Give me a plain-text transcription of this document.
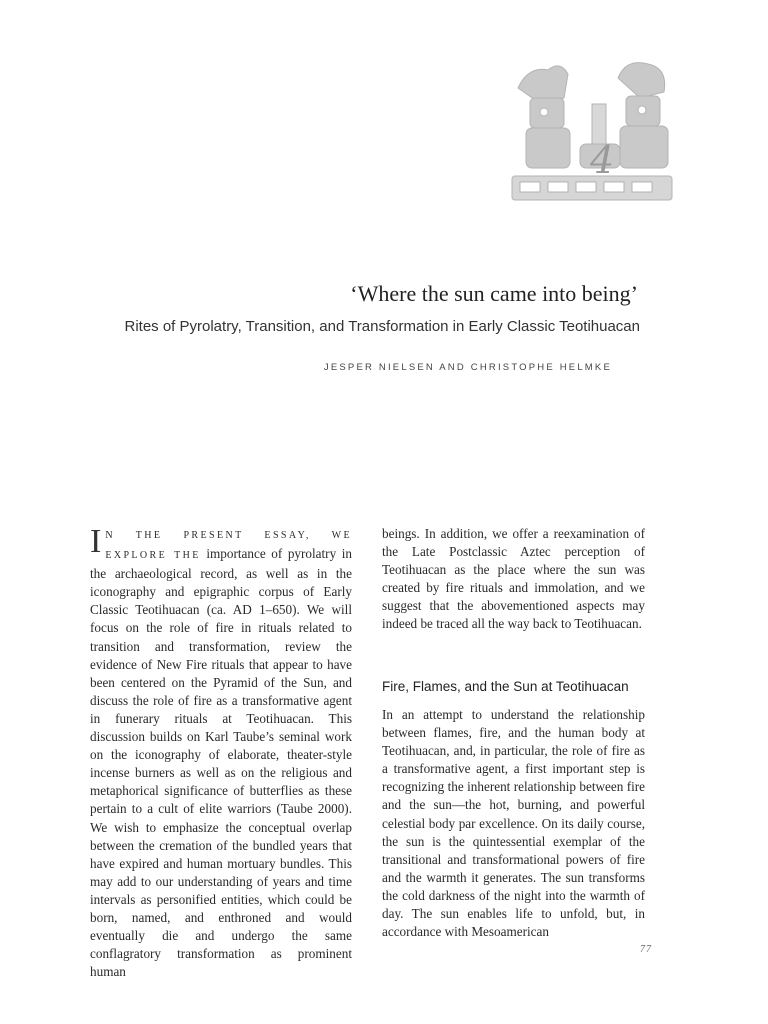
4
‘Where the sun came into being’
Rites of Pyrolatry, Transition, and Transformation in Early Classic Teotihuacan
JESPER NIELSEN AND CHRISTOPHE HELMKE

IN THE PRESENT ESSAY, WE EXPLORE THE importance of pyrolatry in the archaeological record, as well as in the iconography and epigraphic corpus of Early Classic Teotihuacan (ca. AD 1–650). We will focus on the role of fire in rituals related to transition and transformation, review the evidence of New Fire rituals that appear to have been centered on the Pyramid of the Sun, and discuss the role of fire as a transformative agent in funerary rituals at Teotihuacan. This discussion builds on Karl Taube’s seminal work on the iconography of elaborate, theater-style incense burners as well as on the religious and metaphorical significance of butterflies as these pertain to a cult of elite warriors (Taube 2000). We wish to emphasize the conceptual overlap between the cremation of the bundled years that have expired and human mortuary bundles. This may add to our understanding of years and time intervals as personified entities, which could be born, named, and enthroned and would eventually die and undergo the same conflagratory transformation as prominent human

beings. In addition, we offer a reexamination of the Late Postclassic Aztec perception of Teotihuacan as the place where the sun was created by fire rituals and immolation, and we suggest that the abovementioned aspects may indeed be traced all the way back to Teotihuacan.

Fire, Flames, and the Sun at Teotihuacan

In an attempt to understand the relationship between flames, fire, and the human body at Teotihuacan, and, in particular, the role of fire as a transformative agent, a first important step is recognizing the inherent relationship between fire and the sun—the hot, burning, and powerful celestial body par excellence. On its daily course, the sun is the quintessential exemplar of the transitional and transformational powers of fire and the warmth it generates. The sun transforms the cold darkness of the night into the warmth of day. The sun enables life to unfold, but, in accordance with Mesoamerican

77
